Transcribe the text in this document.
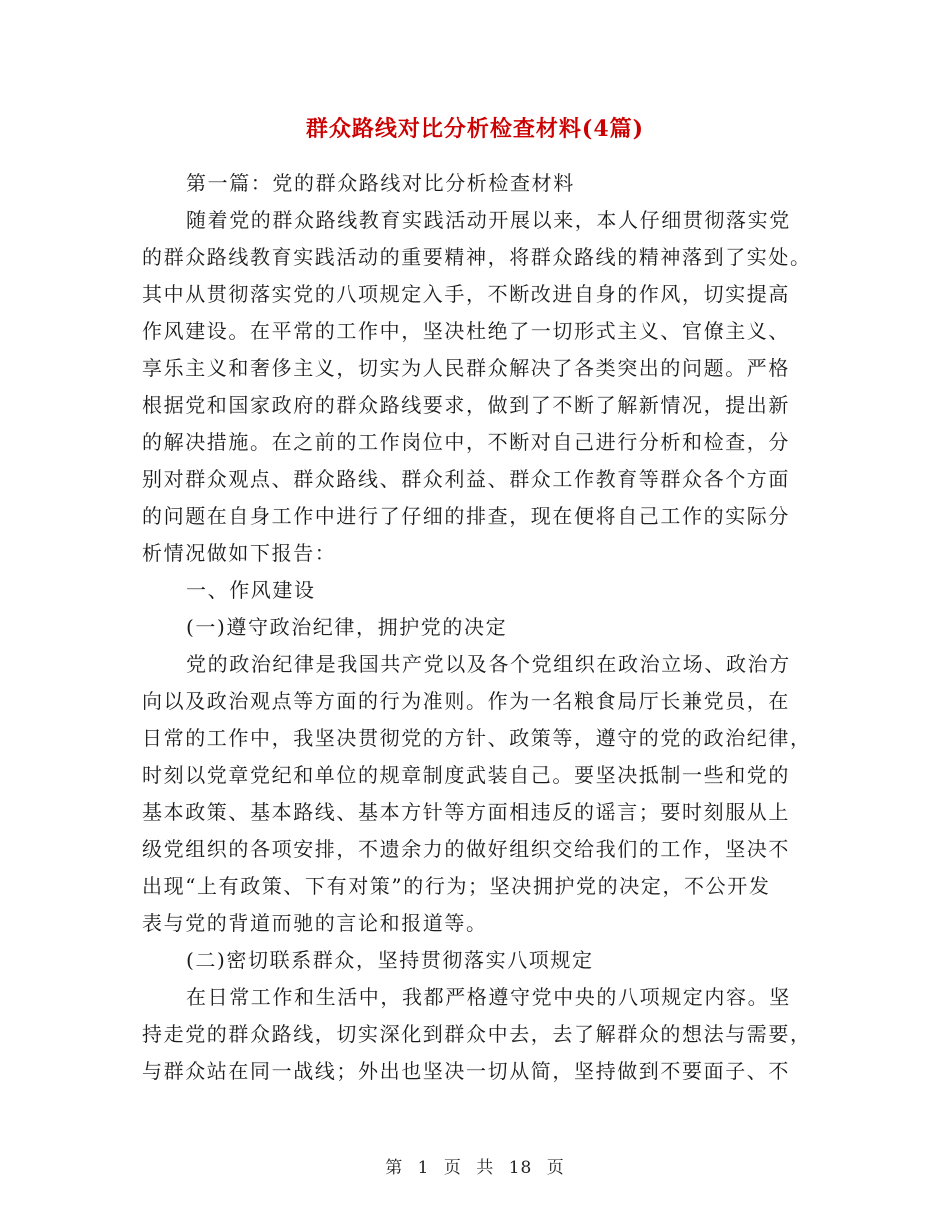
群众路线对比分析检查材料(4篇)
第一篇：党的群众路线对比分析检查材料
随着党的群众路线教育实践活动开展以来，本人仔细贯彻落实党
的群众路线教育实践活动的重要精神，将群众路线的精神落到了实处。
其中从贯彻落实党的八项规定入手，不断改进自身的作风，切实提高
作风建设。在平常的工作中，坚决杜绝了一切形式主义、官僚主义、
享乐主义和奢侈主义，切实为人民群众解决了各类突出的问题。严格
根据党和国家政府的群众路线要求，做到了不断了解新情况，提出新
的解决措施。在之前的工作岗位中，不断对自己进行分析和检查，分
别对群众观点、群众路线、群众利益、群众工作教育等群众各个方面
的问题在自身工作中进行了仔细的排查，现在便将自己工作的实际分
析情况做如下报告：
一、作风建设
(一)遵守政治纪律，拥护党的决定
党的政治纪律是我国共产党以及各个党组织在政治立场、政治方
向以及政治观点等方面的行为准则。作为一名粮食局厅长兼党员，在
日常的工作中，我坚决贯彻党的方针、政策等，遵守的党的政治纪律，
时刻以党章党纪和单位的规章制度武装自己。要坚决抵制一些和党的
基本政策、基本路线、基本方针等方面相违反的谣言；要时刻服从上
级党组织的各项安排，不遗余力的做好组织交给我们的工作，坚决不
出现“上有政策、下有对策”的行为；坚决拥护党的决定，不公开发
表与党的背道而驰的言论和报道等。
(二)密切联系群众，坚持贯彻落实八项规定
在日常工作和生活中，我都严格遵守党中央的八项规定内容。坚
持走党的群众路线，切实深化到群众中去，去了解群众的想法与需要，
与群众站在同一战线；外出也坚决一切从简，坚持做到不要面子、不
第 1 页 共 18 页
